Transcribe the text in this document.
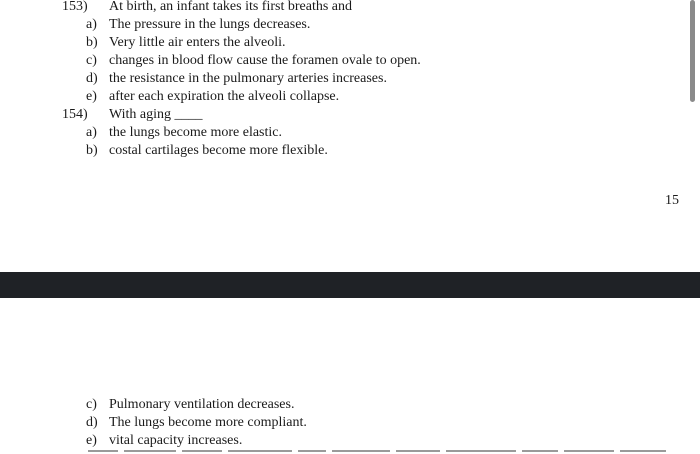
153)	At birth, an infant takes its first breaths and
a) The pressure in the lungs decreases.
b) Very little air enters the alveoli.
c) changes in blood flow cause the foramen ovale to open.
d) the resistance in the pulmonary arteries increases.
e) after each expiration the alveoli collapse.
154)	With aging ____
a) the lungs become more elastic.
b) costal cartilages become more flexible.
15
c) Pulmonary ventilation decreases.
d) The lungs become more compliant.
e) vital capacity increases.
